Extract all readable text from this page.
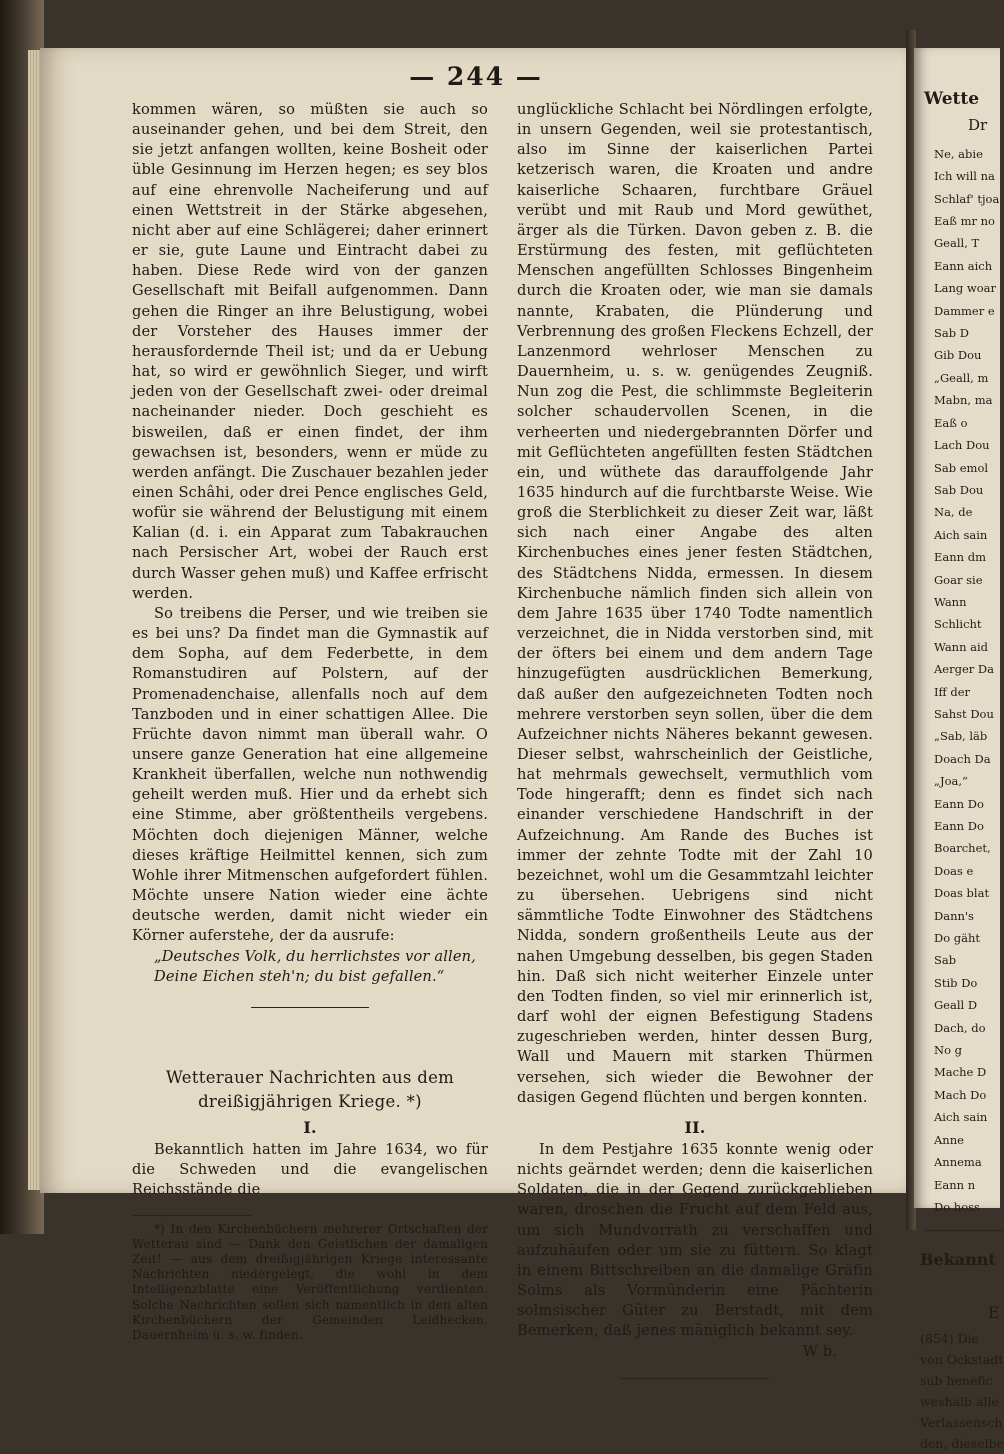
— 244 —

kommen wären, so müßten sie auch so auseinander gehen, und bei dem Streit, den sie jetzt anfangen wollten, keine Bosheit oder üble Gesinnung im Herzen hegen; es sey blos auf eine ehrenvolle Nacheiferung und auf einen Wettstreit in der Stärke abgesehen, nicht aber auf eine Schlägerei; daher erinnert er sie, gute Laune und Eintracht dabei zu haben. Diese Rede wird von der ganzen Gesellschaft mit Beifall aufgenommen. Dann gehen die Ringer an ihre Belustigung, wobei der Vorsteher des Hauses immer der herausfordernde Theil ist; und da er Uebung hat, so wird er gewöhnlich Sieger, und wirft jeden von der Gesellschaft zwei- oder dreimal nacheinander nieder. Doch geschieht es bisweilen, daß er einen findet, der ihm gewachsen ist, besonders, wenn er müde zu werden anfängt. Die Zuschauer bezahlen jeder einen Schâhi, oder drei Pence englisches Geld, wofür sie während der Belustigung mit einem Kalian (d. i. ein Apparat zum Tabakrauchen nach Persischer Art, wobei der Rauch erst durch Wasser gehen muß) und Kaffee erfrischt werden.

So treibens die Perser, und wie treiben sie es bei uns? Da findet man die Gymnastik auf dem Sopha, auf dem Federbette, in dem Romanstudiren auf Polstern, auf der Promenadenchaise, allenfalls noch auf dem Tanzboden und in einer schattigen Allee. Die Früchte davon nimmt man überall wahr. O unsere ganze Generation hat eine allgemeine Krankheit überfallen, welche nun nothwendig geheilt werden muß. Hier und da erhebt sich eine Stimme, aber größtentheils vergebens. Möchten doch diejenigen Männer, welche dieses kräftige Heilmittel kennen, sich zum Wohle ihrer Mitmenschen aufgefordert fühlen. Möchte unsere Nation wieder eine ächte deutsche werden, damit nicht wieder ein Körner auferstehe, der da ausrufe:

„Deutsches Volk, du herrlichstes vor allen,
Deine Eichen steh'n; du bist gefallen.“
Wetterauer Nachrichten aus dem dreißigjährigen Kriege. *)
I.

Bekanntlich hatten im Jahre 1634, wo für die Schweden und die evangelischen Reichsstände die

*) In den Kirchenbüchern mehrerer Ortschaften der Wetterau sind — Dank den Geistlichen der damaligen Zeit! — aus dem dreißigjährigen Kriege interessante Nachrichten niedergelegt, die wohl in dem Intelligenzblatte eine Veröffentlichung verdienten. Solche Nachrichten sollen sich namentlich in den alten Kirchenbüchern der Gemeinden Leidhecken, Dauernheim u. s. w. finden.

unglückliche Schlacht bei Nördlingen erfolgte, in unsern Gegenden, weil sie protestantisch, also im Sinne der kaiserlichen Partei ketzerisch waren, die Kroaten und andre kaiserliche Schaaren, furchtbare Gräuel verübt und mit Raub und Mord gewüthet, ärger als die Türken. Davon geben z. B. die Erstürmung des festen, mit geflüchteten Menschen angefüllten Schlosses Bingenheim durch die Kroaten oder, wie man sie damals nannte, Krabaten, die Plünderung und Verbrennung des großen Fleckens Echzell, der Lanzenmord wehrloser Menschen zu Dauernheim, u. s. w. genügendes Zeugniß. Nun zog die Pest, die schlimmste Begleiterin solcher schaudervollen Scenen, in die verheerten und niedergebrannten Dörfer und mit Geflüchteten angefüllten festen Städtchen ein, und wüthete das darauffolgende Jahr 1635 hindurch auf die furchtbarste Weise. Wie groß die Sterblichkeit zu dieser Zeit war, läßt sich nach einer Angabe des alten Kirchenbuches eines jener festen Städtchen, des Städtchens Nidda, ermessen. In diesem Kirchenbuche nämlich finden sich allein von dem Jahre 1635 über 1740 Todte namentlich verzeichnet, die in Nidda verstorben sind, mit der öfters bei einem und dem andern Tage hinzugefügten ausdrücklichen Bemerkung, daß außer den aufgezeichneten Todten noch mehrere verstorben seyn sollen, über die dem Aufzeichner nichts Näheres bekannt gewesen. Dieser selbst, wahrscheinlich der Geistliche, hat mehrmals gewechselt, vermuthlich vom Tode hingerafft; denn es findet sich nach einander verschiedene Handschrift in der Aufzeichnung. Am Rande des Buches ist immer der zehnte Todte mit der Zahl 10 bezeichnet, wohl um die Gesammtzahl leichter zu übersehen. Uebrigens sind nicht sämmtliche Todte Einwohner des Städtchens Nidda, sondern großentheils Leute aus der nahen Umgebung desselben, bis gegen Staden hin. Daß sich nicht weiterher Einzele unter den Todten finden, so viel mir erinnerlich ist, darf wohl der eignen Befestigung Stadens zugeschrieben werden, hinter dessen Burg, Wall und Mauern mit starken Thürmen versehen, sich wieder die Bewohner der dasigen Gegend flüchten und bergen konnten.

II.

In dem Pestjahre 1635 konnte wenig oder nichts geärndet werden; denn die kaiserlichen Soldaten, die in der Gegend zurückgeblieben waren, droschen die Frucht auf dem Feld aus, um sich Mundvorrath zu verschaffen und aufzuhäufen oder um sie zu füttern. So klagt in einem Bittschreiben an die damalige Gräfin Solms als Vormünderin eine Pächterin solmsischer Güter zu Berstadt, mit dem Bemerken, daß jenes mäniglich bekannt sey.

W b.
Wette
Dr
Ne, abie
Ich will na
Schlaf' tjoa
Eaß mr no
Geall, T
Eann aich
Lang woar
Dammer e
Sab D
Gib Dou
„Geall, m
Mabn, ma
Eaß o
Lach Dou
Sab emol
Sab Dou
Na, de
Aich sain
Eann dm
Goar sie
Wann
Schlicht
Wann aid
Aerger Da
Iff der
Sahst Dou
„Sab, läb
Doach Da
„Joa,“
Eann Do
Eann Do
Boarchet,
Doas e
Doas blat
Dann's
Do gäht
Sab
Stib Do
Geall D
Dach, do
No g
Mache D
Mach Do
Aich sain
Anne
Annema
Eann n
Do hoss
Bekannt
E
(854) Die
von Ockstadt
sub henefic
weshalb alle
Verlassensch
den, dieselbe
